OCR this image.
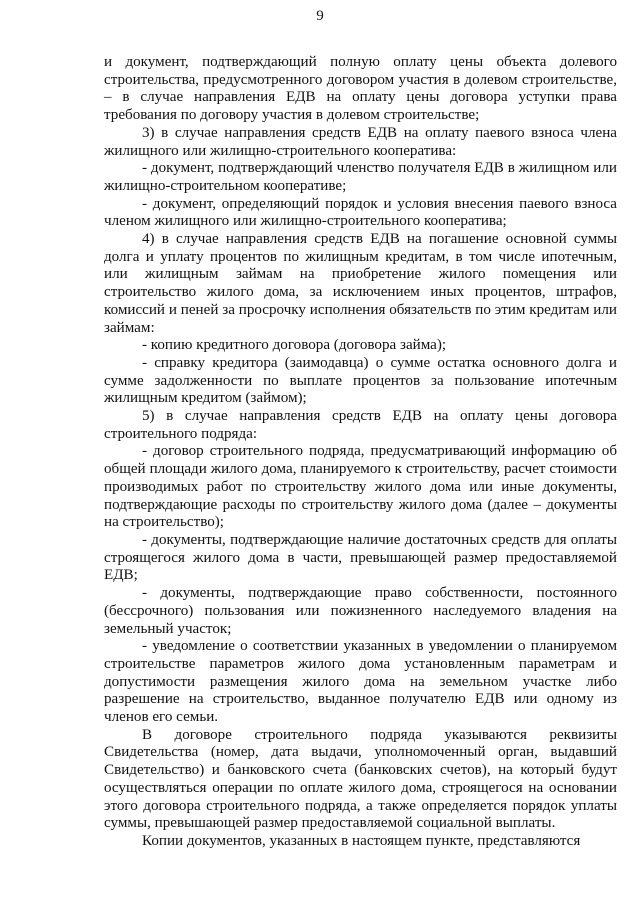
9

и документ, подтверждающий полную оплату цены объекта долевого строительства, предусмотренного договором участия в долевом строительстве, – в случае направления ЕДВ на оплату цены договора уступки права требования по договору участия в долевом строительстве;

3) в случае направления средств ЕДВ на оплату паевого взноса члена жилищного или жилищно-строительного кооператива:

- документ, подтверждающий членство получателя ЕДВ в жилищном или жилищно-строительном кооперативе;

- документ, определяющий порядок и условия внесения паевого взноса членом жилищного или жилищно-строительного кооператива;

4) в случае направления средств ЕДВ на погашение основной суммы долга и уплату процентов по жилищным кредитам, в том числе ипотечным, или жилищным займам на приобретение жилого помещения или строительство жилого дома, за исключением иных процентов, штрафов, комиссий и пеней за просрочку исполнения обязательств по этим кредитам или займам:

- копию кредитного договора (договора займа);

- справку кредитора (заимодавца) о сумме остатка основного долга и сумме задолженности по выплате процентов за пользование ипотечным жилищным кредитом (займом);

5) в случае направления средств ЕДВ на оплату цены договора строительного подряда:

- договор строительного подряда, предусматривающий информацию об общей площади жилого дома, планируемого к строительству, расчет стоимости производимых работ по строительству жилого дома или иные документы, подтверждающие расходы по строительству жилого дома (далее – документы на строительство);

- документы, подтверждающие наличие достаточных средств для оплаты строящегося жилого дома в части, превышающей размер предоставляемой ЕДВ;

- документы, подтверждающие право собственности, постоянного (бессрочного) пользования или пожизненного наследуемого владения на земельный участок;

- уведомление о соответствии указанных в уведомлении о планируемом строительстве параметров жилого дома установленным параметрам и допустимости размещения жилого дома на земельном участке либо разрешение на строительство, выданное получателю ЕДВ или одному из членов его семьи.

В договоре строительного подряда указываются реквизиты Свидетельства (номер, дата выдачи, уполномоченный орган, выдавший Свидетельство) и банковского счета (банковских счетов), на который будут осуществляться операции по оплате жилого дома, строящегося на основании этого договора строительного подряда, а также определяется порядок уплаты суммы, превышающей размер предоставляемой социальной выплаты.

Копии документов, указанных в настоящем пункте, представляются
